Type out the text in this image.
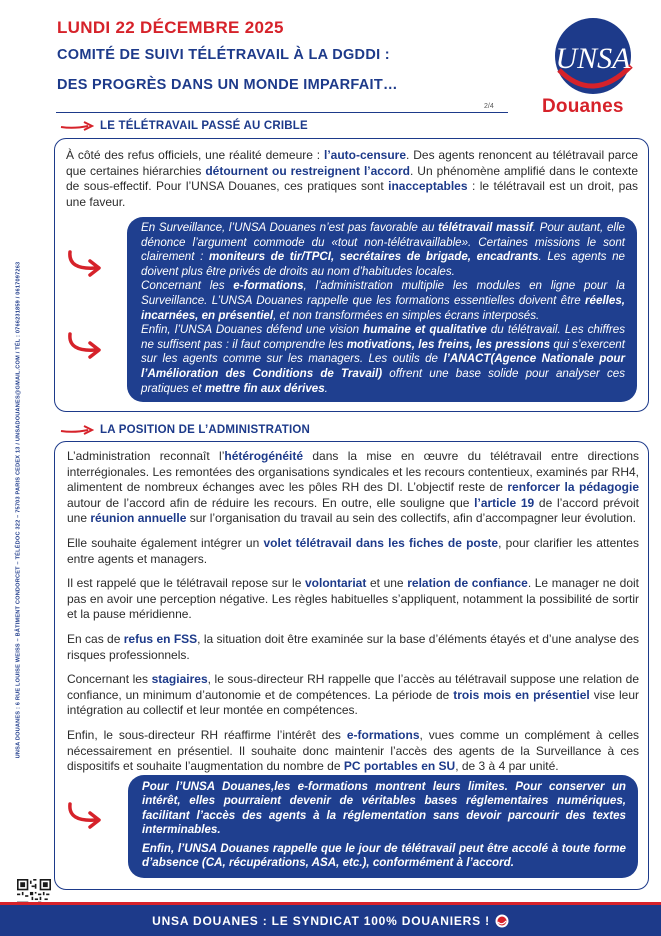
UNSA DOUANES : 6 RUE LOUISE WEISS – BÂTIMENT CONDORCET – TÉLÉDOC 322 – 75703 PARIS CEDEX 13 / UNSADOUANES@GMAIL.COM / TÉL : 0766231859 / 0617097263
LUNDI 22 DÉCEMBRE 2025
COMITÉ DE SUIVI TÉLÉTRAVAIL À LA DGDDI :
DES PROGRÈS DANS UN MONDE IMPARFAIT…
2/4
UNSA
Douanes
LE TÉLÉTRAVAIL PASSÉ AU CRIBLE
À côté des refus officiels, une réalité demeure : l’auto-censure. Des agents renoncent au télétravail parce que certaines hiérarchies détournent ou restreignent l’accord. Un phénomène amplifié dans le contexte de sous-effectif. Pour l’UNSA Douanes, ces pratiques sont inacceptables : le télétravail est un droit, pas une faveur.

En Surveillance, l’UNSA Douanes n’est pas favorable au télétravail massif. Pour autant, elle dénonce l’argument commode du «tout non-télétravaillable». Certaines missions le sont clairement : moniteurs de tir/TPCI, secrétaires de brigade, encadrants. Les agents ne doivent plus être privés de droits au nom d’habitudes locales.

Concernant les e-formations, l’administration multiplie les modules en ligne pour la Surveillance. L’UNSA Douanes rappelle que les formations essentielles doivent être réelles, incarnées, en présentiel, et non transformées en simples écrans interposés.

Enfin, l’UNSA Douanes défend une vision humaine et qualitative du télétravail. Les chiffres ne suffisent pas : il faut comprendre les motivations, les freins, les pressions qui s’exercent sur les agents comme sur les managers. Les outils de l’ANACT(Agence Nationale pour l’Amélioration des Conditions de Travail) offrent une base solide pour analyser ces pratiques et mettre fin aux dérives.

LA POSITION DE L’ADMINISTRATION

L’administration reconnaît l’hétérogénéité dans la mise en œuvre du télétravail entre directions interrégionales. Les remontées des organisations syndicales et les recours contentieux, examinés par RH4, alimentent de nombreux échanges avec les pôles RH des DI. L’objectif reste de renforcer la pédagogie autour de l’accord afin de réduire les recours. En outre, elle souligne que l’article 19 de l’accord prévoit une réunion annuelle sur l’organisation du travail au sein des collectifs, afin d’accompagner leur évolution.

Elle souhaite également intégrer un volet télétravail dans les fiches de poste, pour clarifier les attentes entre agents et managers.

Il est rappelé que le télétravail repose sur le volontariat et une relation de confiance. Le manager ne doit pas en avoir une perception négative. Les règles habituelles s’appliquent, notamment la possibilité de sortir et la pause méridienne.

En cas de refus en FSS, la situation doit être examinée sur la base d’éléments étayés et d’une analyse des risques professionnels.

Concernant les stagiaires, le sous-directeur RH rappelle que l’accès au télétravail suppose une relation de confiance, un minimum d’autonomie et de compétences. La période de trois mois en présentiel vise leur intégration au collectif et leur montée en compétences.

Enfin, le sous-directeur RH réaffirme l’intérêt des e-formations, vues comme un complément à celles nécessairement en présentiel. Il souhaite donc maintenir l’accès des agents de la Surveillance à ces dispositifs et souhaite l’augmentation du nombre de PC portables en SU, de 3 à 4 par unité.

Pour l’UNSA Douanes,les e-formations montrent leurs limites. Pour conserver un intérêt, elles pourraient devenir de véritables bases réglementaires numériques, facilitant l’accès des agents à la réglementation sans devoir parcourir des textes interminables.

Enfin, l’UNSA Douanes rappelle que le jour de télétravail peut être accolé à toute forme d’absence (CA, récupérations, ASA, etc.), conformément à l’accord.

UNSA DOUANES : LE SYNDICAT 100% DOUANIERS !
